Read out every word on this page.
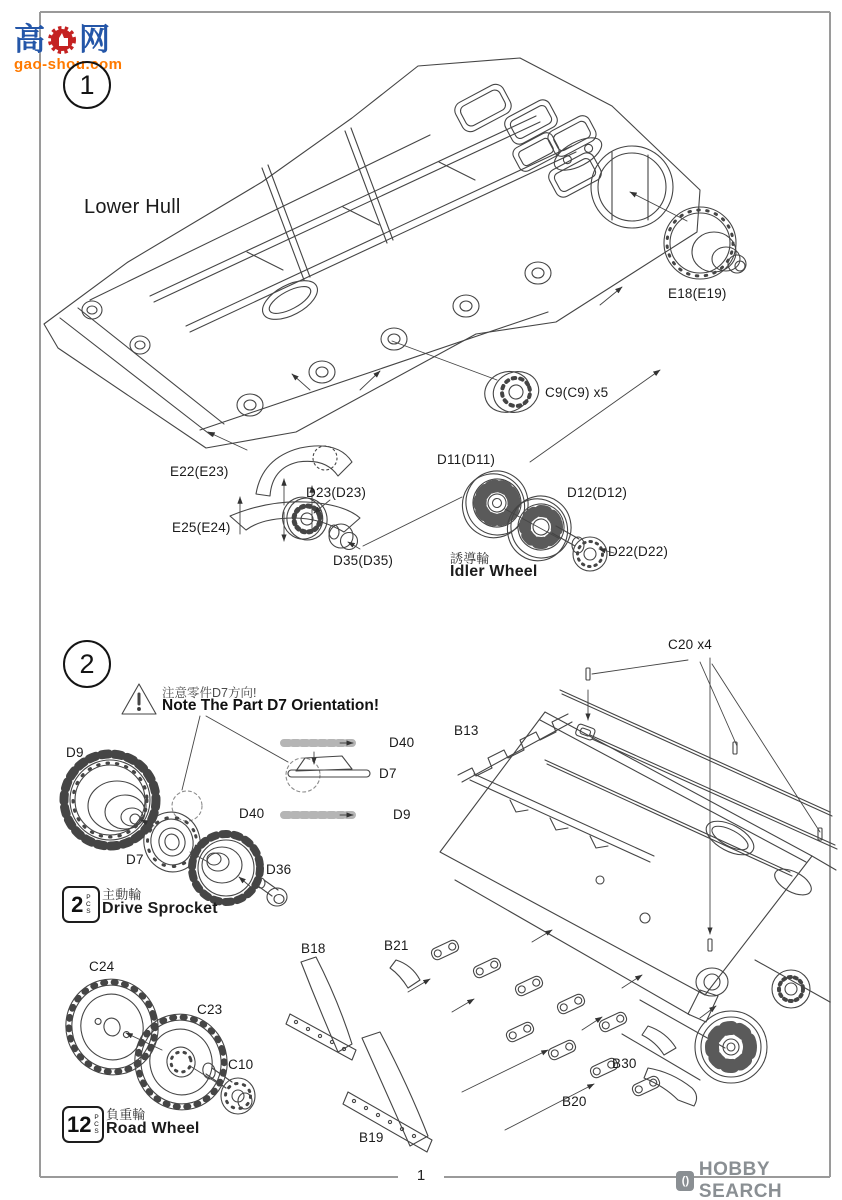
高 网
gao-shou.com
1
2
Lower Hull
E18(E19)
C9(C9) x5
E22(E23)
E25(E24)
D23(D23)
D35(D35)
D11(D11)
D12(D12)
D22(D22)
誘導輪
Idler Wheel
注意零件D7方向!
Note The Part D7 Orientation!
D40
D7
D9
D9
D7
D40
D36
2 PCS 主動輪
Drive Sprocket
C24
C23
C10
12 PCS 負重輪
Road Wheel
C20 x4
B13
B18	B21
B30
B20
B19
1	( )
HOBBY SEARCH
